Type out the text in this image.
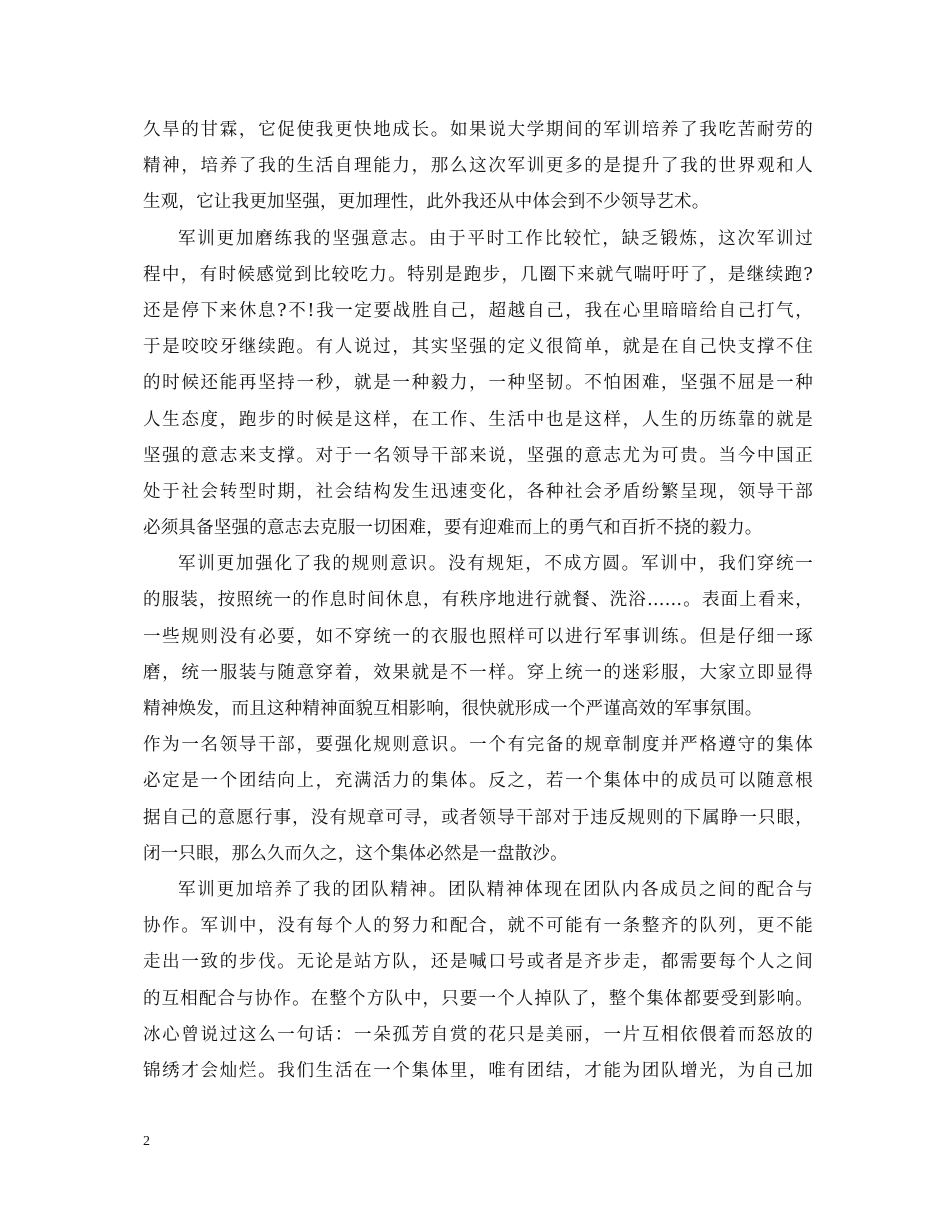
久旱的甘霖，它促使我更快地成长。如果说大学期间的军训培养了我吃苦耐劳的
精神，培养了我的生活自理能力，那么这次军训更多的是提升了我的世界观和人
生观，它让我更加坚强，更加理性，此外我还从中体会到不少领导艺术。
军训更加磨练我的坚强意志。由于平时工作比较忙，缺乏锻炼，这次军训过
程中，有时候感觉到比较吃力。特别是跑步，几圈下来就气喘吁吁了，是继续跑?
还是停下来休息?不!我一定要战胜自己，超越自己，我在心里暗暗给自己打气，
于是咬咬牙继续跑。有人说过，其实坚强的定义很简单，就是在自己快支撑不住
的时候还能再坚持一秒，就是一种毅力，一种坚韧。不怕困难，坚强不屈是一种
人生态度，跑步的时候是这样，在工作、生活中也是这样，人生的历练靠的就是
坚强的意志来支撑。对于一名领导干部来说，坚强的意志尤为可贵。当今中国正
处于社会转型时期，社会结构发生迅速变化，各种社会矛盾纷繁呈现，领导干部
必须具备坚强的意志去克服一切困难，要有迎难而上的勇气和百折不挠的毅力。
军训更加强化了我的规则意识。没有规矩，不成方圆。军训中，我们穿统一
的服装，按照统一的作息时间休息，有秩序地进行就餐、洗浴……。表面上看来，
一些规则没有必要，如不穿统一的衣服也照样可以进行军事训练。但是仔细一琢
磨，统一服装与随意穿着，效果就是不一样。穿上统一的迷彩服，大家立即显得
精神焕发，而且这种精神面貌互相影响，很快就形成一个严谨高效的军事氛围。
作为一名领导干部，要强化规则意识。一个有完备的规章制度并严格遵守的集体
必定是一个团结向上，充满活力的集体。反之，若一个集体中的成员可以随意根
据自己的意愿行事，没有规章可寻，或者领导干部对于违反规则的下属睁一只眼，
闭一只眼，那么久而久之，这个集体必然是一盘散沙。
军训更加培养了我的团队精神。团队精神体现在团队内各成员之间的配合与
协作。军训中，没有每个人的努力和配合，就不可能有一条整齐的队列，更不能
走出一致的步伐。无论是站方队，还是喊口号或者是齐步走，都需要每个人之间
的互相配合与协作。在整个方队中，只要一个人掉队了，整个集体都要受到影响。
冰心曾说过这么一句话：一朵孤芳自赏的花只是美丽，一片互相依偎着而怒放的
锦绣才会灿烂。我们生活在一个集体里，唯有团结，才能为团队增光，为自己加
2
